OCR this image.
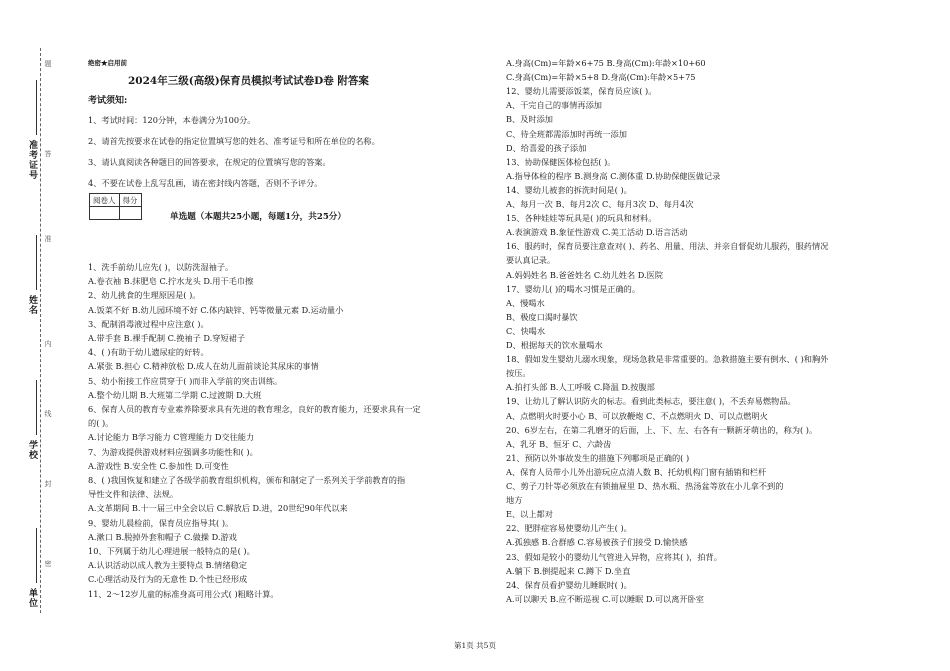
题
答
准
内
线
封
密
准考证号
姓名
学校
单位
绝密★启用前
2024年三级(高级)保育员模拟考试试卷D卷 附答案
考试须知:
1、考试时间：120分钟，本卷满分为100分。
2、请首先按要求在试卷的指定位置填写您的姓名、准考证号和所在单位的名称。
3、请认真阅读各种题目的回答要求，在规定的位置填写您的答案。
4、不要在试卷上乱写乱画，请在密封线内答题，否则不予评分。
阅卷人	得分

单选题（本题共25小题，每题1分，共25分）
1、洗手前幼儿应先( )，以防洗湿袖子。
A.卷衣袖 B.抹肥皂 C.拧水龙头 D.用干毛巾擦
2、幼儿挑食的生理原因是( )。
A.饭菜不好 B.幼儿园环境不好 C.体内缺锌、钙等微量元素 D.运动量小
3、配制消毒液过程中应注意( )。
A.带手套 B.裸手配制 C.挽袖子 D.穿短裙子
4、( )有助于幼儿遗尿症的好转。
A.紧张 B.担心 C.精神放松 D.成人在幼儿面前谈论其尿床的事情
5、幼小衔接工作应贯穿于( )而非入学前的突击训练。
A.整个幼儿期 B.大班第二学期 C.过渡期 D.大班
6、保育人员的教育专业素养除要求具有先进的教育理念，良好的教育能力，还要求具有一定
的( )。
A.讨论能力 B学习能力 C管理能力 D交往能力
7、为游戏提供游戏材料应强调多功能性和( )。
A.游戏性 B.安全性 C.参加性 D.可变性
8、( )我国恢复和建立了各级学前教育组织机构，颁布和制定了一系列关于学前教育的指
导性文件和法律、法规。
A.文革期间 B.十一届三中全会以后 C.解放后 D.进，20世纪90年代以来
9、婴幼儿晨检前，保育员应指导其( )。
A.漱口 B.脱掉外套和帽子 C.做操 D.游戏
10、下列属于幼儿心理进展一般特点的是( )。
A.认识活动以成人教为主要特点 B.情绪稳定
C.心理活动及行为的无意性 D.个性已经形成
11、2～12岁儿童的标准身高可用公式( )粗略计算。
A.身高(Cm)=年龄×6+75 B.身高(Cm):年龄×10+60
C.身高(Cm)=年龄×5+8 D.身高(Cm):年龄×5+75
12、婴幼儿需要添饭菜，保育员应该( )。
A、干完自己的事情再添加
B、及时添加
C、待全班都需添加时再统一添加
D、给喜爱的孩子添加
13、协助保健医体检包括( )。
A.指导体检的程序 B.测身高 C.测体重 D.协助保健医做记录
14、婴幼儿被套的拆洗时间是( )。
A、每月一次 B、每月2次 C、每月3次 D、每月4次
15、各种娃娃等玩具是( )的玩具和材料。
A.表演游戏 B.象征性游戏 C.美工活动 D.语言活动
16、服药时，保育员要注意查对( )、药名、用量、用法、并亲自督促幼儿服药，服药情况
要认真记录。
A.妈妈姓名 B.爸爸姓名 C.幼儿姓名 D.医院
17、婴幼儿( )的喝水习惯是正确的。
A、慢喝水
B、极度口渴时暴饮
C、快喝水
D、根据每天的饮水量喝水
18、假如发生婴幼儿溺水现象，现场急救是非常重要的。急救措施主要有倒水、( )和胸外
按压。
A.拍打头部 B.人工呼吸 C.降温 D.按腹部
19、让幼儿了解认识防火的标志。看到此类标志，要注意( )，不丢弃易燃物品。
A、点燃明火时要小心 B、可以放鞭炮 C、不点燃明火 D、可以点燃明火
20、6岁左右，在第二乳磨牙的后面，上、下、左、右各有一颗新牙萌出的，称为( )。
A、乳牙 B、恒牙 C、六龄齿
21、预防以外事故发生的措施下列哪项是正确的( )
A、保育人员带小儿外出游玩应点清人数 B、托幼机构门窗有插销和栏杆
C、剪子刀针等必须放在有锁抽屉里 D、热水瓶、热汤盆等放在小儿拿不到的
地方
E、以上都对
22、肥胖症容易使婴幼儿产生( )。
A.孤独感 B.合群感 C.容易被孩子们接受 D.愉快感
23、假如是较小的婴幼儿气管进入异物，应将其( )，拍背。
A.躺下 B.倒提起来 C.蹲下 D.坐直
24、保育员看护婴幼儿睡眠时( )。
A.可以聊天 B.应不断巡视 C.可以睡眠 D.可以离开卧室
第1页 共5页
